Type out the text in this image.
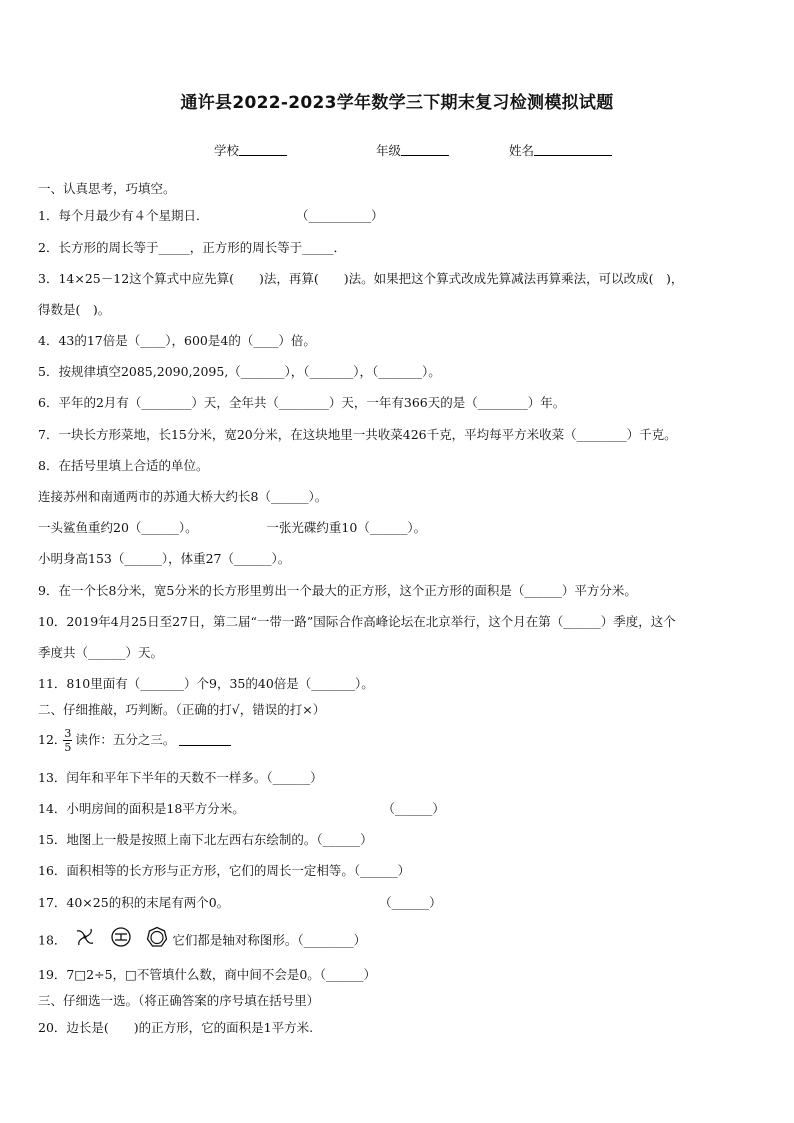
通许县2022-2023学年数学三下期末复习检测模拟试题
学校	年级	姓名
一、认真思考，巧填空。
1．每个月最少有４个星期日．　　　　　　　　（__________）
2．长方形的周长等于_____，正方形的周长等于_____．
3．14×25－12这个算式中应先算(　　)法，再算(　　)法。如果把这个算式改成先算减法再算乘法，可以改成(　)，
得数是(　)。
4．43的17倍是（____），600是4的（____）倍。
5．按规律填空2085,2090,2095,（_______），（_______），（_______）。
6．平年的2月有（________）天，全年共（________）天，一年有366天的是（________）年。
7．一块长方形菜地，长15分米，宽20分米，在这块地里一共收菜426千克，平均每平方米收菜（________）千克。
8．在括号里填上合适的单位。
连接苏州和南通两市的苏通大桥大约长8（______）。
一头鲨鱼重约20（______）。　　　　　　一张光碟约重10（______）。
小明身高153（______），体重27（______）。
9．在一个长8分米，宽5分米的长方形里剪出一个最大的正方形，这个正方形的面积是（______）平方分米。
10．2019年4月25日至27日，第二届“一带一路”国际合作高峰论坛在北京举行，这个月在第（______）季度，这个
季度共（______）天。
11．810里面有（_______）个9，35的40倍是（_______）。
二、仔细推敲，巧判断。（正确的打√，错误的打×）
12．
$\frac{3}{5}$ 读作：五分之三。
13．闰年和平年下半年的天数不一样多。（______）
14．小明房间的面积是18平方分米。　　　　　　　　　　　　（______）
15．地图上一般是按照上南下北左西右东绘制的。（______）
16．面积相等的长方形与正方形，它们的周长一定相等。（______）
17．40×25的积的末尾有两个0。　　　　　　　　　　　　　（______）
18．	它们都是轴对称图形。（________）
19．7□2÷5，□不管填什么数，商中间不会是0。（______）
三、仔细选一选。（将正确答案的序号填在括号里）
20．边长是(　　)的正方形，它的面积是1平方米.
